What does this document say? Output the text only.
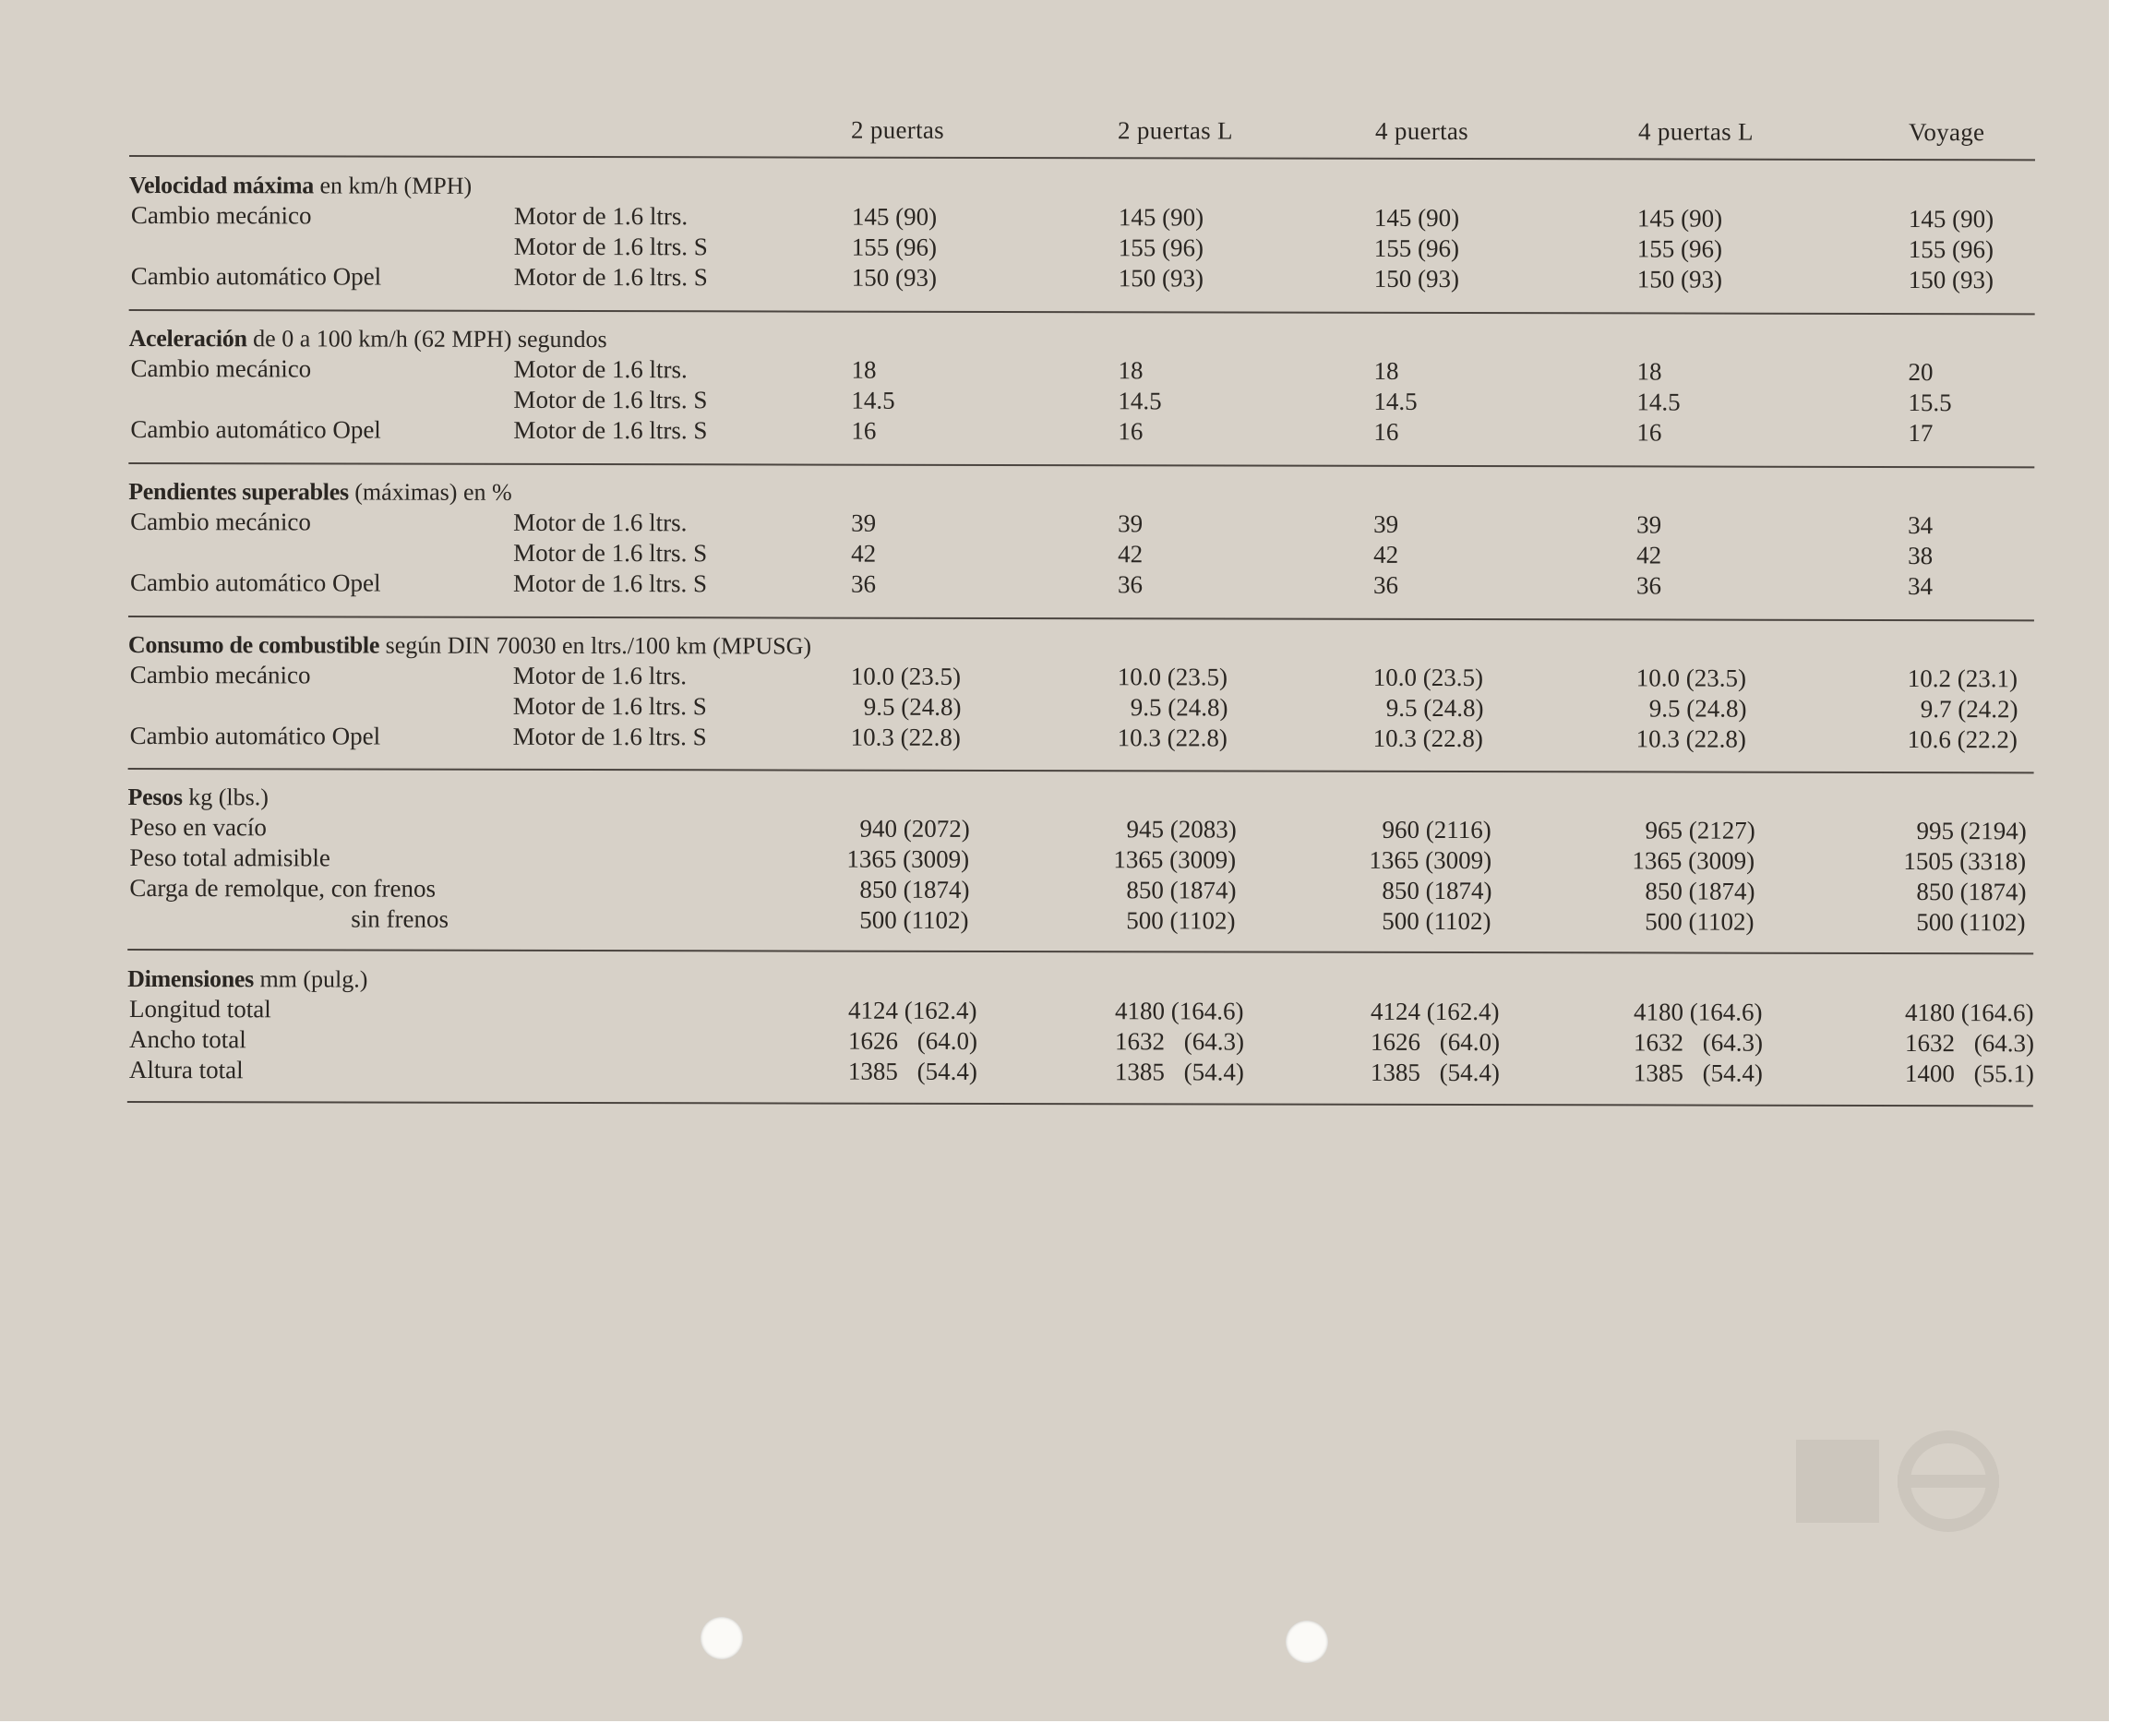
2 puertas	2 puertas L	4 puertas	4 puertas L	Voyage
Velocidad máxima en km/h (MPH)
Cambio mecánico	Motor de 1.6 ltrs.	145 (90)	145 (90)	145 (90)	145 (90)	145 (90)
Motor de 1.6 ltrs. S	155 (96)	155 (96)	155 (96)	155 (96)	155 (96)
Cambio automático Opel	Motor de 1.6 ltrs. S	150 (93)	150 (93)	150 (93)	150 (93)	150 (93)
Aceleración de 0 a 100 km/h (62 MPH) segundos
Cambio mecánico	Motor de 1.6 ltrs.	18	18	18	18	20
Motor de 1.6 ltrs. S	14.5	14.5	14.5	14.5	15.5
Cambio automático Opel	Motor de 1.6 ltrs. S	16	16	16	16	17
Pendientes superables (máximas) en %
Cambio mecánico	Motor de 1.6 ltrs.	39	39	39	39	34
Motor de 1.6 ltrs. S	42	42	42	42	38
Cambio automático Opel	Motor de 1.6 ltrs. S	36	36	36	36	34
Consumo de combustible según DIN 70030 en ltrs./100 km (MPUSG)
Cambio mecánico	Motor de 1.6 ltrs.	10.0 (23.5)	10.0 (23.5)	10.0 (23.5)	10.0 (23.5)	10.2 (23.1)
Motor de 1.6 ltrs. S	9.5 (24.8)	9.5 (24.8)	9.5 (24.8)	9.5 (24.8)	9.7 (24.2)
Cambio automático Opel	Motor de 1.6 ltrs. S	10.3 (22.8)	10.3 (22.8)	10.3 (22.8)	10.3 (22.8)	10.6 (22.2)
Pesos kg (lbs.)
Peso en vacío	940 (2072)	945 (2083)	960 (2116)	965 (2127)	995 (2194)
Peso total admisible	1365 (3009)	1365 (3009)	1365 (3009)	1365 (3009)	1505 (3318)
Carga de remolque, con frenos	850 (1874)	850 (1874)	850 (1874)	850 (1874)	850 (1874)
sin frenos	500 (1102)	500 (1102)	500 (1102)	500 (1102)	500 (1102)
Dimensiones mm (pulg.)
Longitud total	4124 (162.4)	4180 (164.6)	4124 (162.4)	4180 (164.6)	4180 (164.6)
Ancho total	1626 (64.0)	1632 (64.3)	1626 (64.0)	1632 (64.3)	1632 (64.3)
Altura total	1385 (54.4)	1385 (54.4)	1385 (54.4)	1385 (54.4)	1400 (55.1)
